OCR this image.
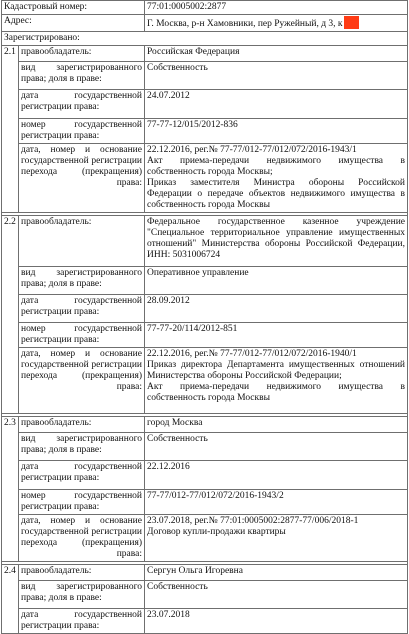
Кадастровый номер:		77:01:0005002:2877
Адрес:		Г. Москва, р-н Хамовники, пер Ружейный, д 3, к
Зарегистрировано:		
2.1	правообладатель:	Российская Федерация
	вид зарегистрированного права; доля в праве:	Собственность
	дата государственной регистрации права:	24.07.2012
	номер государственной регистрации права:	77-77-12/015/2012-836
	дата, номер и основание государственной регистрации перехода (прекращения) права:	22.12.2016, рег.№ 77-77/012-77/012/072/2016-1943/1
Акт приема-передачи недвижимого имущества в собственность города Москвы;
Приказ заместителя Министра обороны Российской Федерации о передаче объектов недвижимого имущества в собственность города Москвы

2.2	правообладатель:	Федеральное государственное казенное учреждение "Специальное территориальное управление имущественных отношений" Министерства обороны Российской Федерации, ИНН: 5031006724
	вид зарегистрированного права; доля в праве:	Оперативное управление
	дата государственной регистрации права:	28.09.2012
	номер государственной регистрации права:	77-77-20/114/2012-851
	дата, номер и основание государственной регистрации перехода (прекращения) права:	22.12.2016, рег.№ 77-77/012-77/012/072/2016-1940/1
Приказ директора Департамента имущественных отношений Министерства обороны Российской Федерации;
Акт приема-передачи недвижимого имущества в собственность города Москвы

2.3	правообладатель:	город Москва
	вид зарегистрированного права; доля в праве:	Собственность
	дата государственной регистрации права:	22.12.2016
	номер государственной регистрации права:	77-77/012-77/012/072/2016-1943/2
	дата, номер и основание государственной регистрации перехода (прекращения) права:	23.07.2018, рег.№ 77:01:0005002:2877-77/006/2018-1
Договор купли-продажи квартиры

2.4	правообладатель:	Сергун Ольга Игоревна
	вид зарегистрированного права; доля в праве:	Собственность
	дата государственной регистрации права:	23.07.2018
